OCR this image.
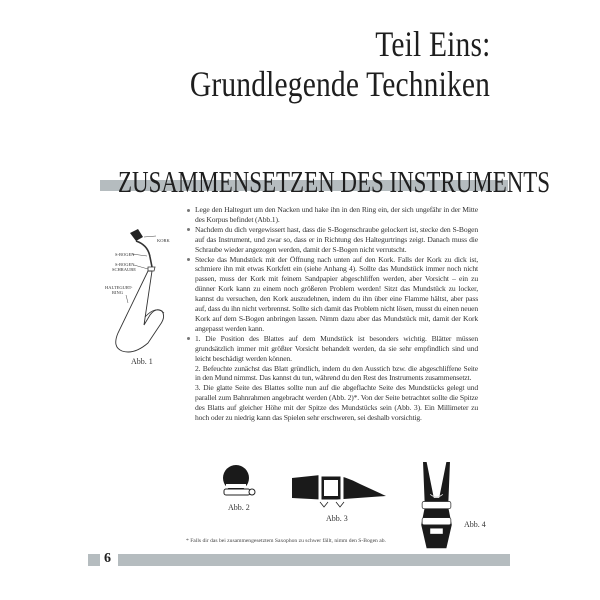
Teil Eins:
Grundlegende Techniken
ZUSAMMENSETZEN DES INSTRUMENTS
KORK
S-BOGEN
S-BOGEN
SCHRAUBE
HALTEGURT-
RING
Abb. 1

Lege den Haltegurt um den Nacken und hake ihn in den Ring ein, der sich ungefähr in der Mitte des Korpus befindet (Abb.1).

Nachdem du dich vergewissert hast, dass die S-Bogenschraube gelockert ist, stecke den S-Bogen auf das Instrument, und zwar so, dass er in Richtung des Haltegurtrings zeigt. Danach muss die Schraube wieder angezogen werden, damit der S-Bogen nicht verrutscht.

Stecke das Mundstück mit der Öffnung nach unten auf den Kork. Falls der Kork zu dick ist, schmiere ihn mit etwas Korkfett ein (siehe Anhang 4). Sollte das Mundstück immer noch nicht passen, muss der Kork mit feinem Sandpapier abgeschliffen werden, aber Vorsicht – ein zu dünner Kork kann zu einem noch größeren Problem werden! Sitzt das Mundstück zu locker, kannst du versuchen, den Kork auszudehnen, indem du ihn über eine Flamme hältst, aber pass auf, dass du ihn nicht verbrennst. Sollte sich damit das Problem nicht lösen, musst du einen neuen Kork auf dem S-Bogen anbringen lassen. Nimm dazu aber das Mundstück mit, damit der Kork angepasst werden kann.

1. Die Position des Blattes auf dem Mundstück ist besonders wichtig. Blätter müssen grundsätzlich immer mit größter Vorsicht behandelt werden, da sie sehr empfindlich sind und leicht beschädigt werden können.

2. Befeuchte zunächst das Blatt gründlich, indem du den Ausstich bzw. die abgeschliffene Seite in den Mund nimmst. Das kannst du tun, während du den Rest des Instruments zusammensetzt.

3. Die glatte Seite des Blattes sollte nun auf die abgeflachte Seite des Mundstücks gelegt und parallel zum Bahnrahmen angebracht werden (Abb. 2)*. Von der Seite betrachtet sollte die Spitze des Blatts auf gleicher Höhe mit der Spitze des Mundstücks sein (Abb. 3). Ein Millimeter zu hoch oder zu niedrig kann das Spielen sehr erschweren, sei deshalb vorsichtig.

Abb. 2
Abb. 3
Abb. 4
* Falls dir das bei zusammengesetztem Saxophon zu schwer fällt, nimm den S-Bogen ab.
6
